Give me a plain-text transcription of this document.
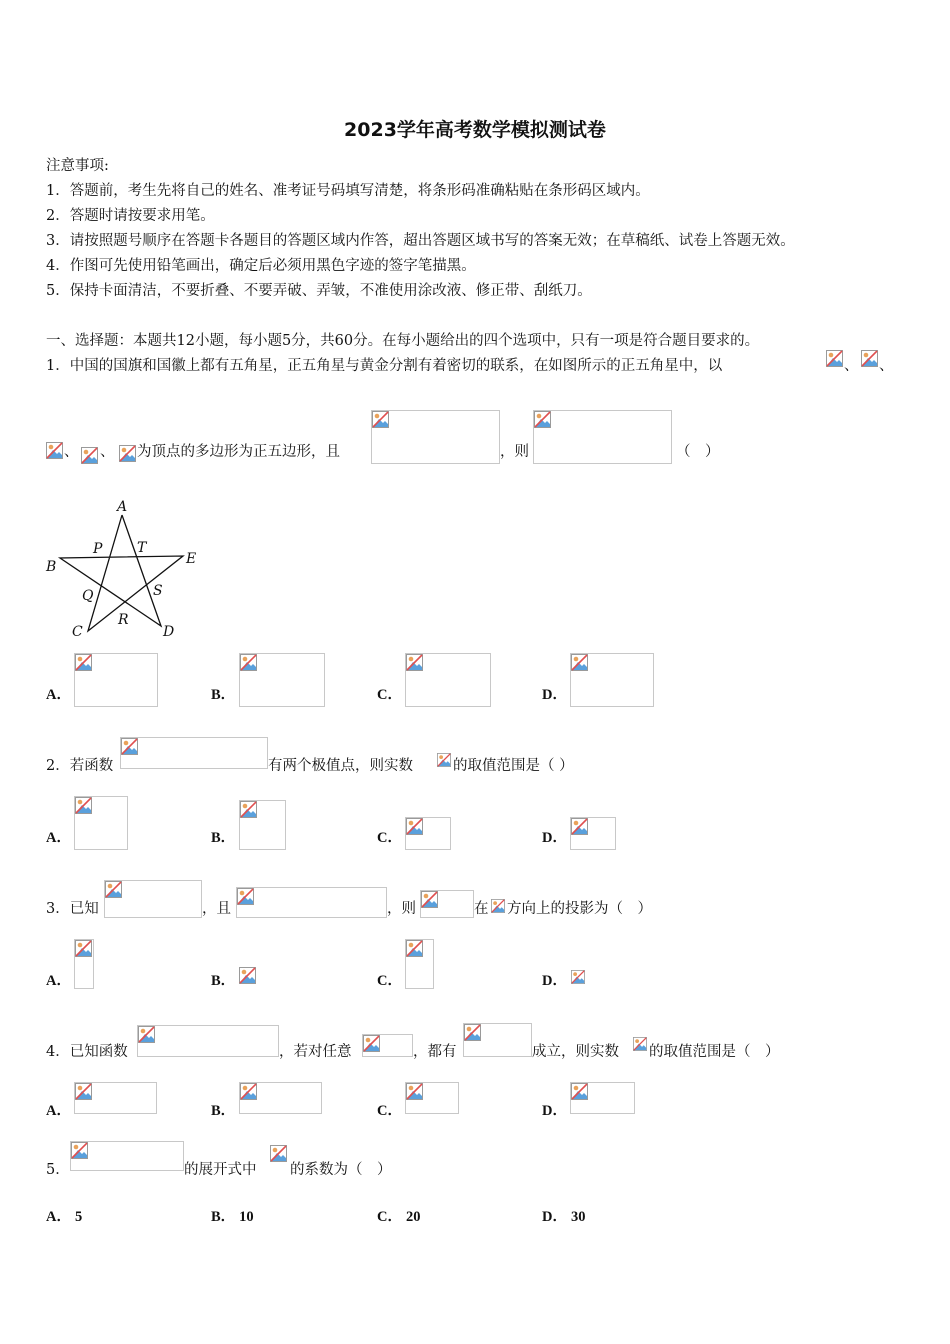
2023学年高考数学模拟测试卷
注意事项:
1．答题前，考生先将自己的姓名、准考证号码填写清楚，将条形码准确粘贴在条形码区域内。
2．答题时请按要求用笔。
3．请按照题号顺序在答题卡各题目的答题区域内作答，超出答题区域书写的答案无效；在草稿纸、试卷上答题无效。
4．作图可先使用铅笔画出，确定后必须用黑色字迹的签字笔描黑。
5．保持卡面清洁，不要折叠、不要弄破、弄皱，不准使用涂改液、修正带、刮纸刀。
一、选择题：本题共12小题，每小题5分，共60分。在每小题给出的四个选项中，只有一项是符合题目要求的。
1．中国的国旗和国徽上都有五角星，正五角星与黄金分割有着密切的联系，在如图所示的正五角星中，以	、 、
、 、 为顶点的多边形为正五边形，且	，则	（　）
A
B
C	D
E
P T
S
R
Q
A．	B．	C．	D．
2．若函数	有两个极值点，则实数	的取值范围是（ ）
A．	B．	C．	D．
3．已知	，且	，则	在 方向上的投影为（　）
A．	B．	C．	D．
4．已知函数	，若对任意	，都有	成立，则实数 的取值范围是（　）
A．	B．	C．	D．
5．	的展开式中 的系数为（　）
A． 5	B． 10	C． 20	D． 30
